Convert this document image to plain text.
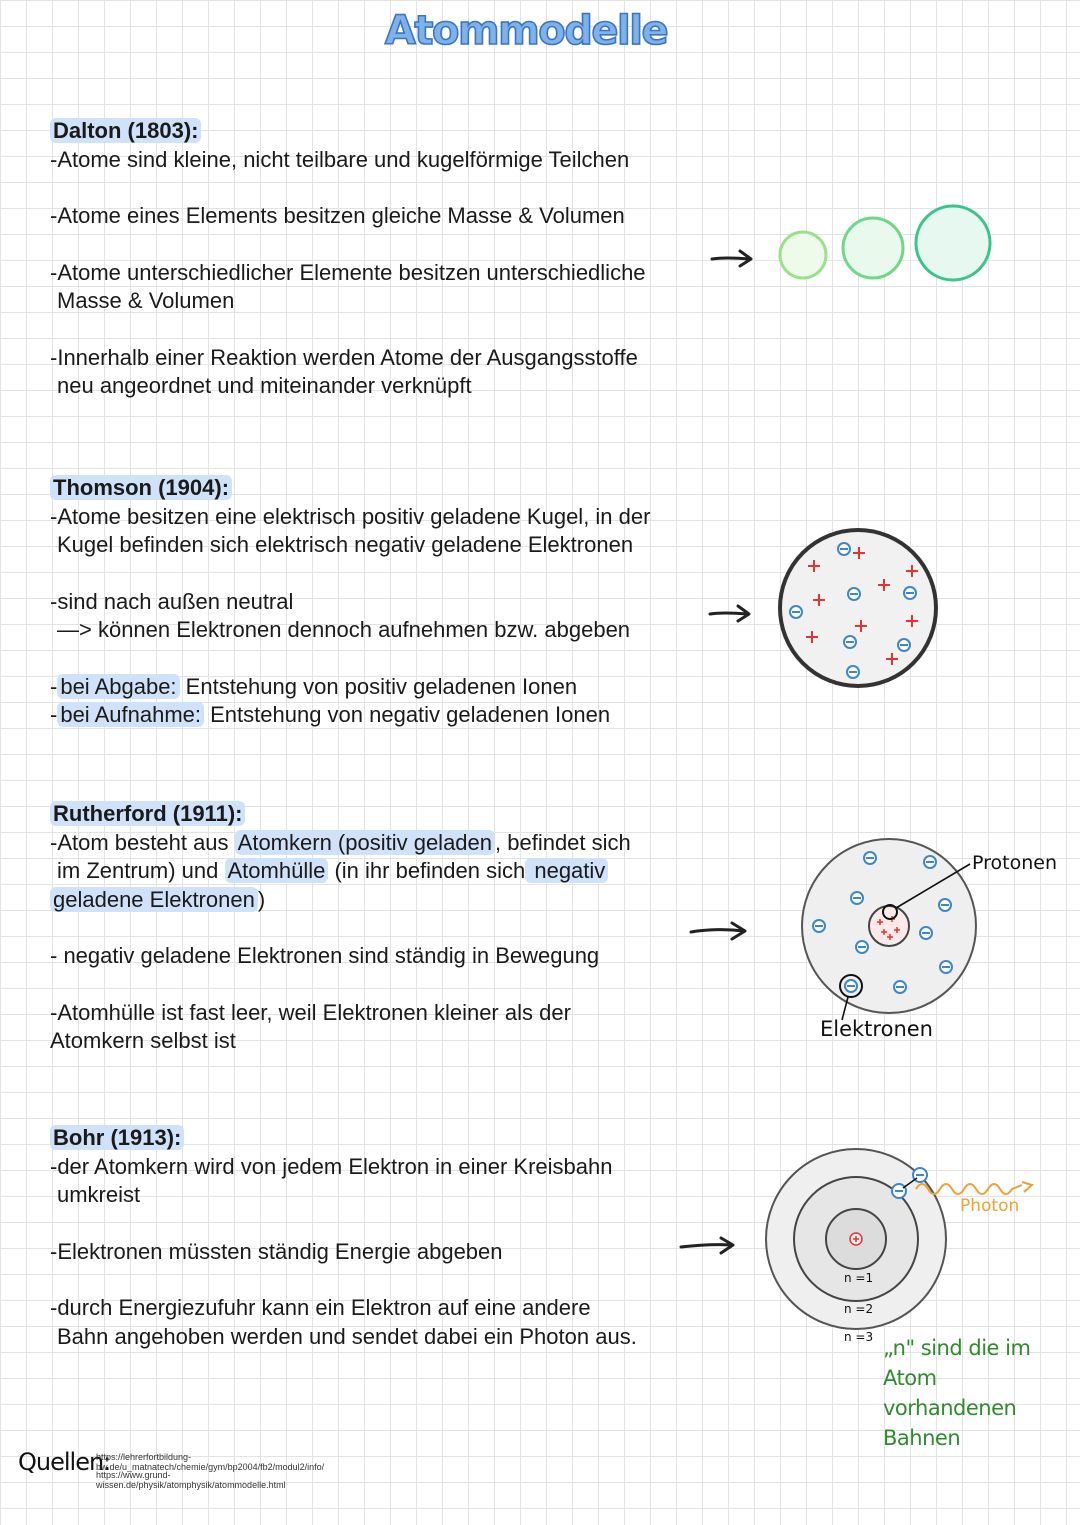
Atommodelle

Dalton (1803):

-Atome sind kleine, nicht teilbare und kugelförmige Teilchen

-Atome eines Elements besitzen gleiche Masse & Volumen

-Atome unterschiedlicher Elemente besitzen unterschiedliche

Masse & Volumen

-Innerhalb einer Reaktion werden Atome der Ausgangsstoffe

neu angeordnet und miteinander verknüpft

Thomson (1904):

-Atome besitzen eine elektrisch positiv geladene Kugel, in der

Kugel befinden sich elektrisch negativ geladene Elektronen

-sind nach außen neutral

—> können Elektronen dennoch aufnehmen bzw. abgeben

- bei Abgabe: Entstehung von positiv geladenen Ionen

- bei Aufnahme: Entstehung von negativ geladenen Ionen

Rutherford (1911):

-Atom besteht aus Atomkern (positiv geladen , befindet sich

im Zentrum) und Atomhülle (in ihr befinden sich negativ

geladene Elektronen )

- negativ geladene Elektronen sind ständig in Bewegung

-Atomhülle ist fast leer, weil Elektronen kleiner als der

Atomkern selbst ist

Protonen
Elektronen

Bohr (1913):

-der Atomkern wird von jedem Elektron in einer Kreisbahn

umkreist

-Elektronen müssten ständig Energie abgeben

-durch Energiezufuhr kann ein Elektron auf eine andere

Bahn angehoben werden und sendet dabei ein Photon aus.

Photon
n =1
n =2
n =3 „n" sind die im Atom vorhandenen Bahnen
Quellen:
https://lehrerfortbildung-bw.de/u_matnatech/chemie/gym/bp2004/fb2/modul2/info/
https://www.grund-wissen.de/physik/atomphysik/atommodelle.html
